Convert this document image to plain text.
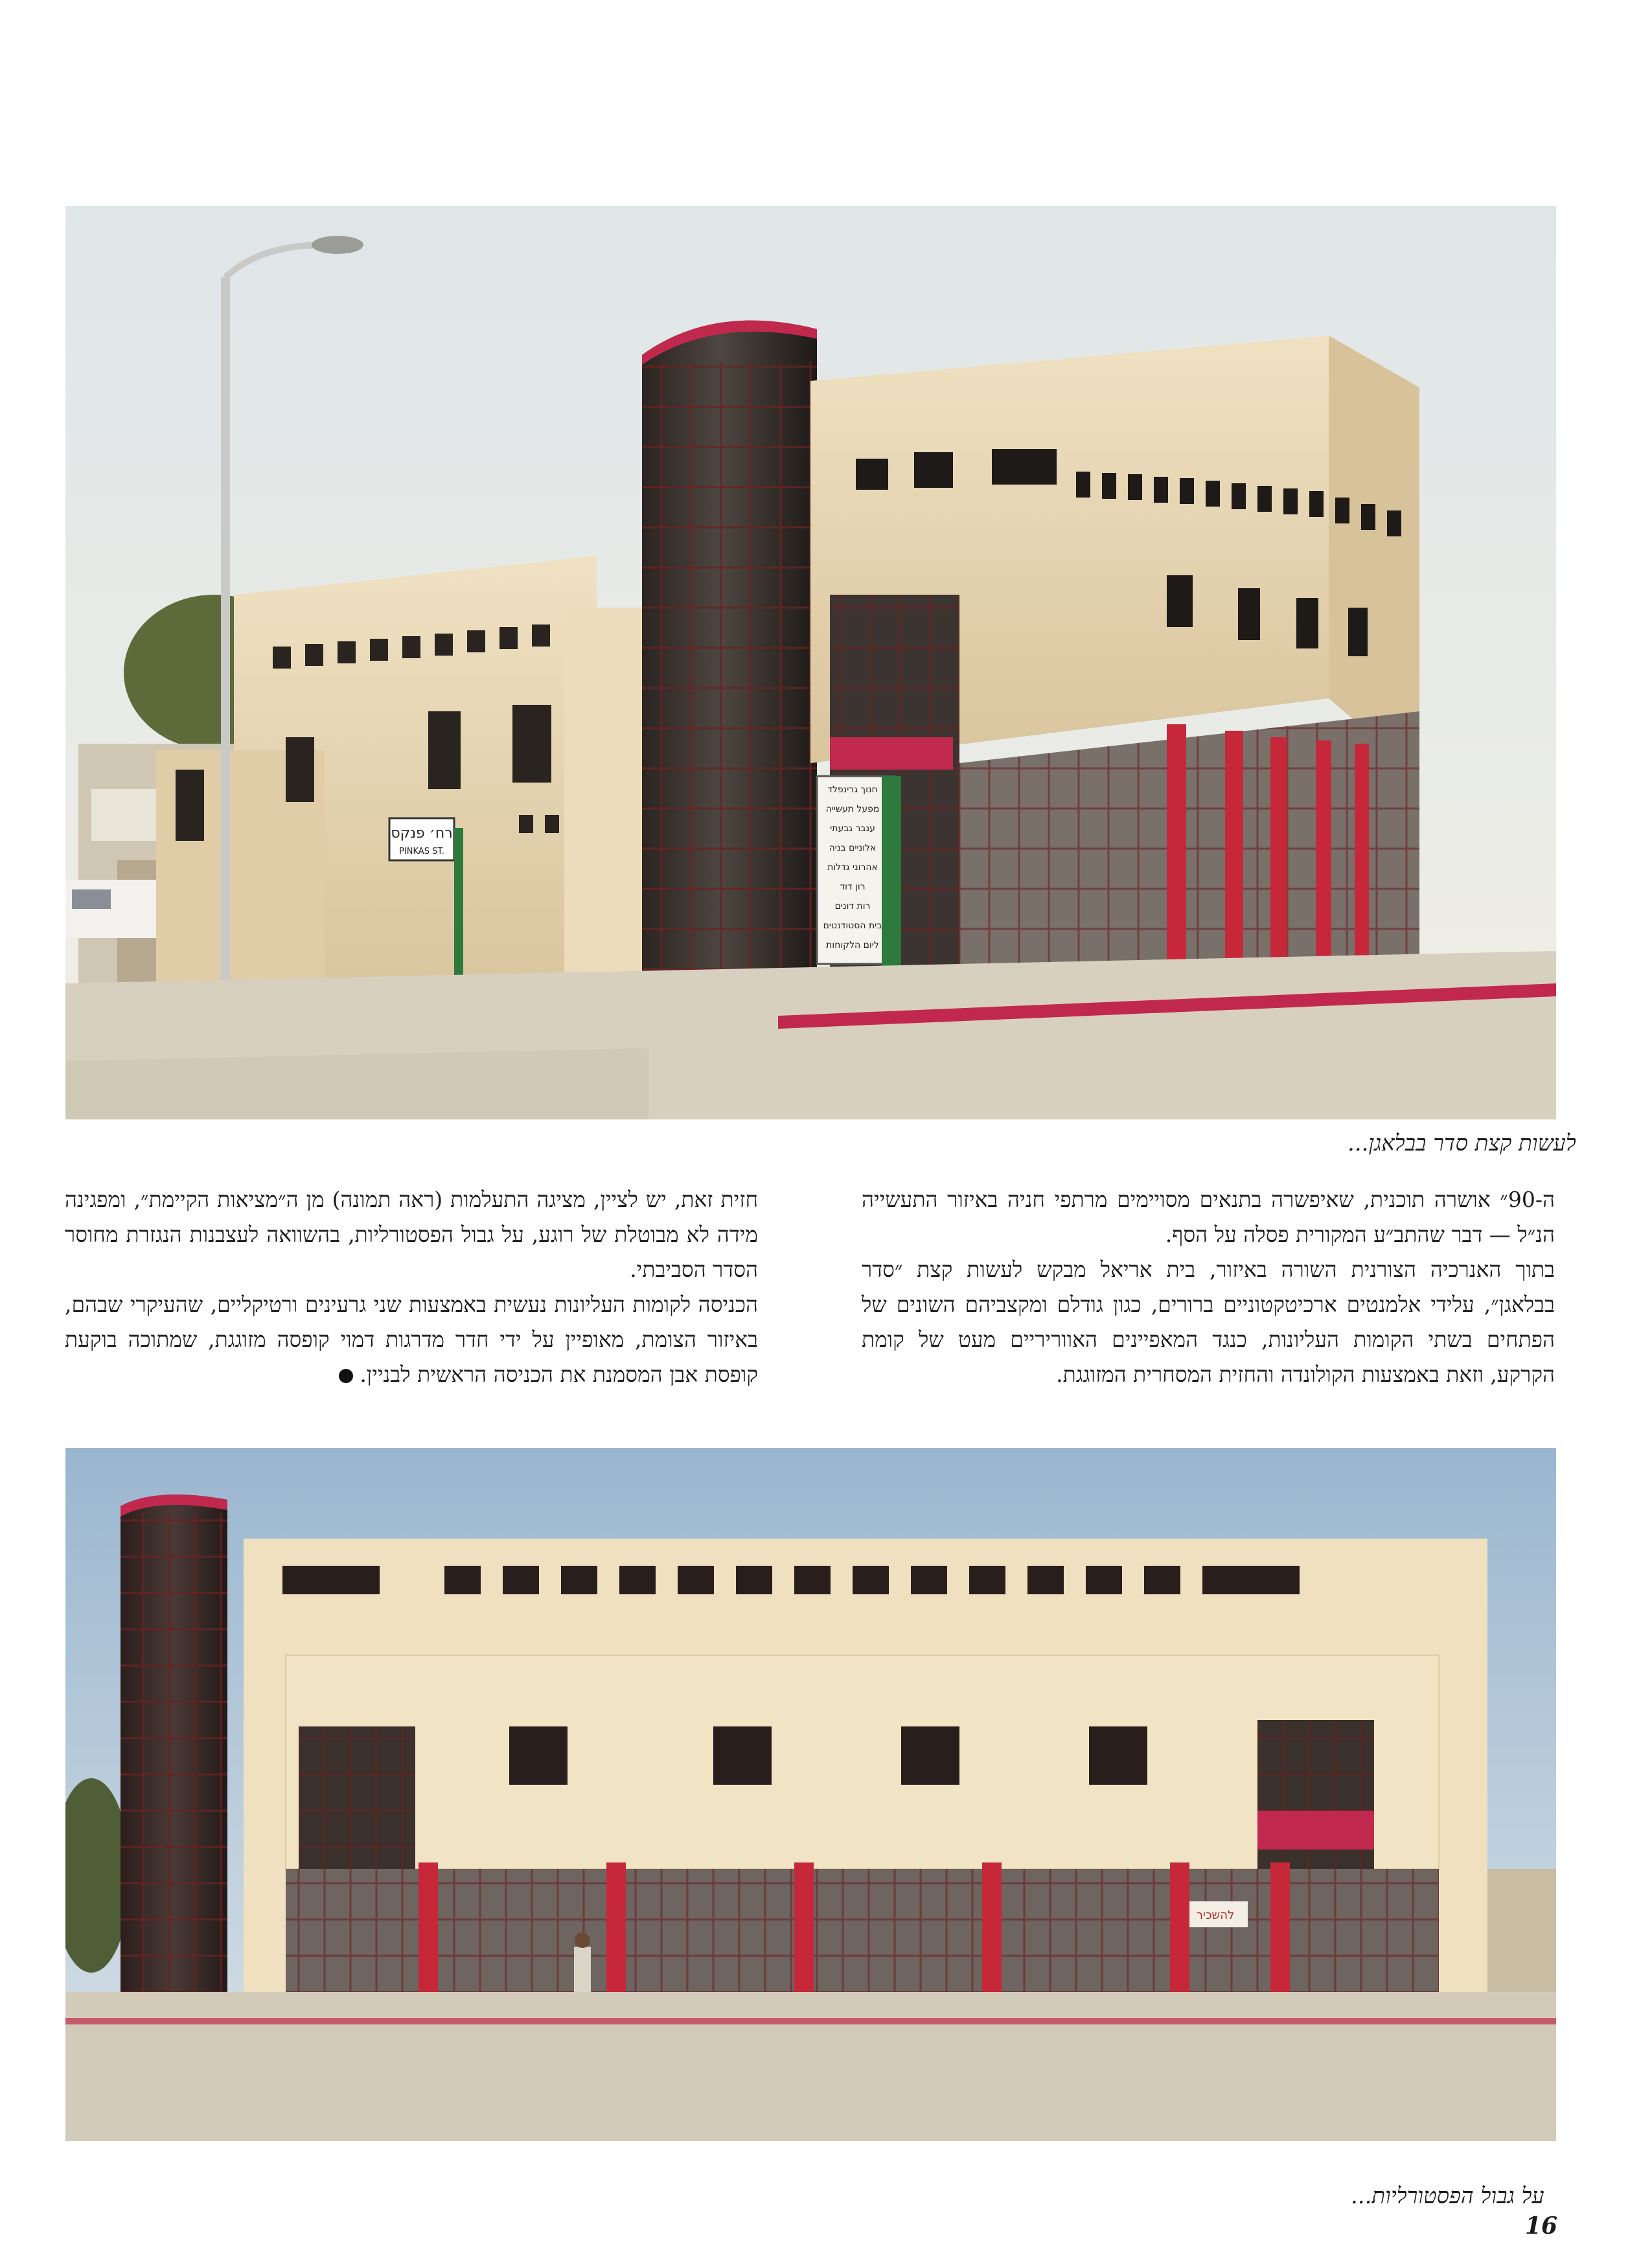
רח׳ פנקס
PINKAS ST.
חנוך גרינפלד
מפעל תעשייה
ענבר גבעתי
אלוניים בניה
אהרוני גדלות
רון דוד
רות דונים
בית הסטודנטים
ליום הלקוחות
לעשות קצת סדר בבלאגן...

ה-90״ אושרה תוכנית, שאיפשרה בתנאים מסויימים מרתפי חניה באיזור התעשייה הנ״ל — דבר שהתב״ע המקורית פסלה על הסף.

בתוך האנרכיה הצורנית השורה באיזור, בית אריאל מבקש לעשות קצת ״סדר בבלאגן״, עלידי אלמנטים ארכיטקטוניים ברורים, כגון גודלם ומקצביהם השונים של הפתחים בשתי הקומות העליונות, כנגד המאפיינים האווריריים מעט של קומת הקרקע, וזאת באמצעות הקולונדה והחזית המסחרית המזוגגת.

חזית זאת, יש לציין, מציגה התעלמות (ראה תמונה) מן ה״מציאות הקיימת״, ומפגינה מידה לא מבוטלת של רוגע, על גבול הפסטורליות, בהשוואה לעצבנות הנגזרת מחוסר הסדר הסביבתי.

הכניסה לקומות העליונות נעשית באמצעות שני גרעינים ורטיקליים, שהעיקרי שבהם, באיזור הצומת, מאופיין על ידי חדר מדרגות דמוי קופסה מזוגגת, שמתוכה בוקעת קופסת אבן המסמנת את הכניסה הראשית לבניין.

להשכיר
על גבול הפסטורליות...
16
